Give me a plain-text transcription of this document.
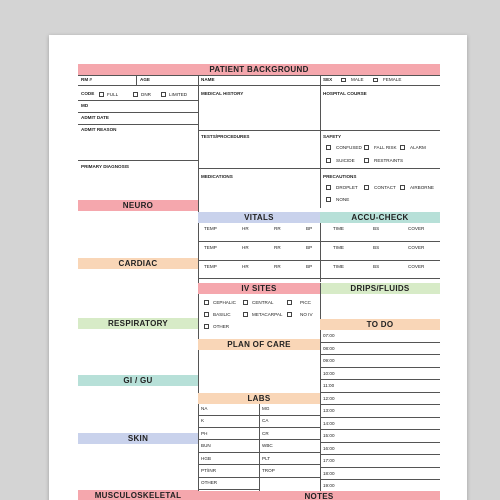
PATIENT BACKGROUND
RM #	AGE
CODE	FULL	DNR	LIMITED
MD
ADMIT DATE
ADMIT REASON
PRIMARY DIAGNOSIS
NAME
MEDICAL HISTORY
TESTS/PROCEDURES
MEDICATIONS
SEX	MALE	FEMALE
HOSPITAL COURSE
SAFETY
CONFUSED	FALL RISK	ALARM
SUICIDE	RESTRAINTS
PRECAUTIONS
DROPLET	CONTACT	AIRBORNE
NONE
NEURO
CARDIAC
RESPIRATORY
GI / GU
SKIN
MUSCULOSKELETAL
VITALS
TEMP	HR	RR	BP
TEMP	HR	RR	BP
TEMP	HR	RR	BP
ACCU-CHECK
TIME	BS	COVER
TIME	BS	COVER
TIME	BS	COVER
IV SITES
CEPHALIC	CENTRAL	PICC
BASILIC	METACARPAL	NO IV
OTHER
DRIPS/FLUIDS
PLAN OF CARE
TO DO
07:00
08:00
09:00
10:00
11:00
12:00
13:00
14:00
15:00
16:00
17:00
18:00
19:00
LABS
NA	MG
K	CA
PH	CR
BUN	WBC
HGB	PLT
PT/INR	TROP
OTHER
NOTES
